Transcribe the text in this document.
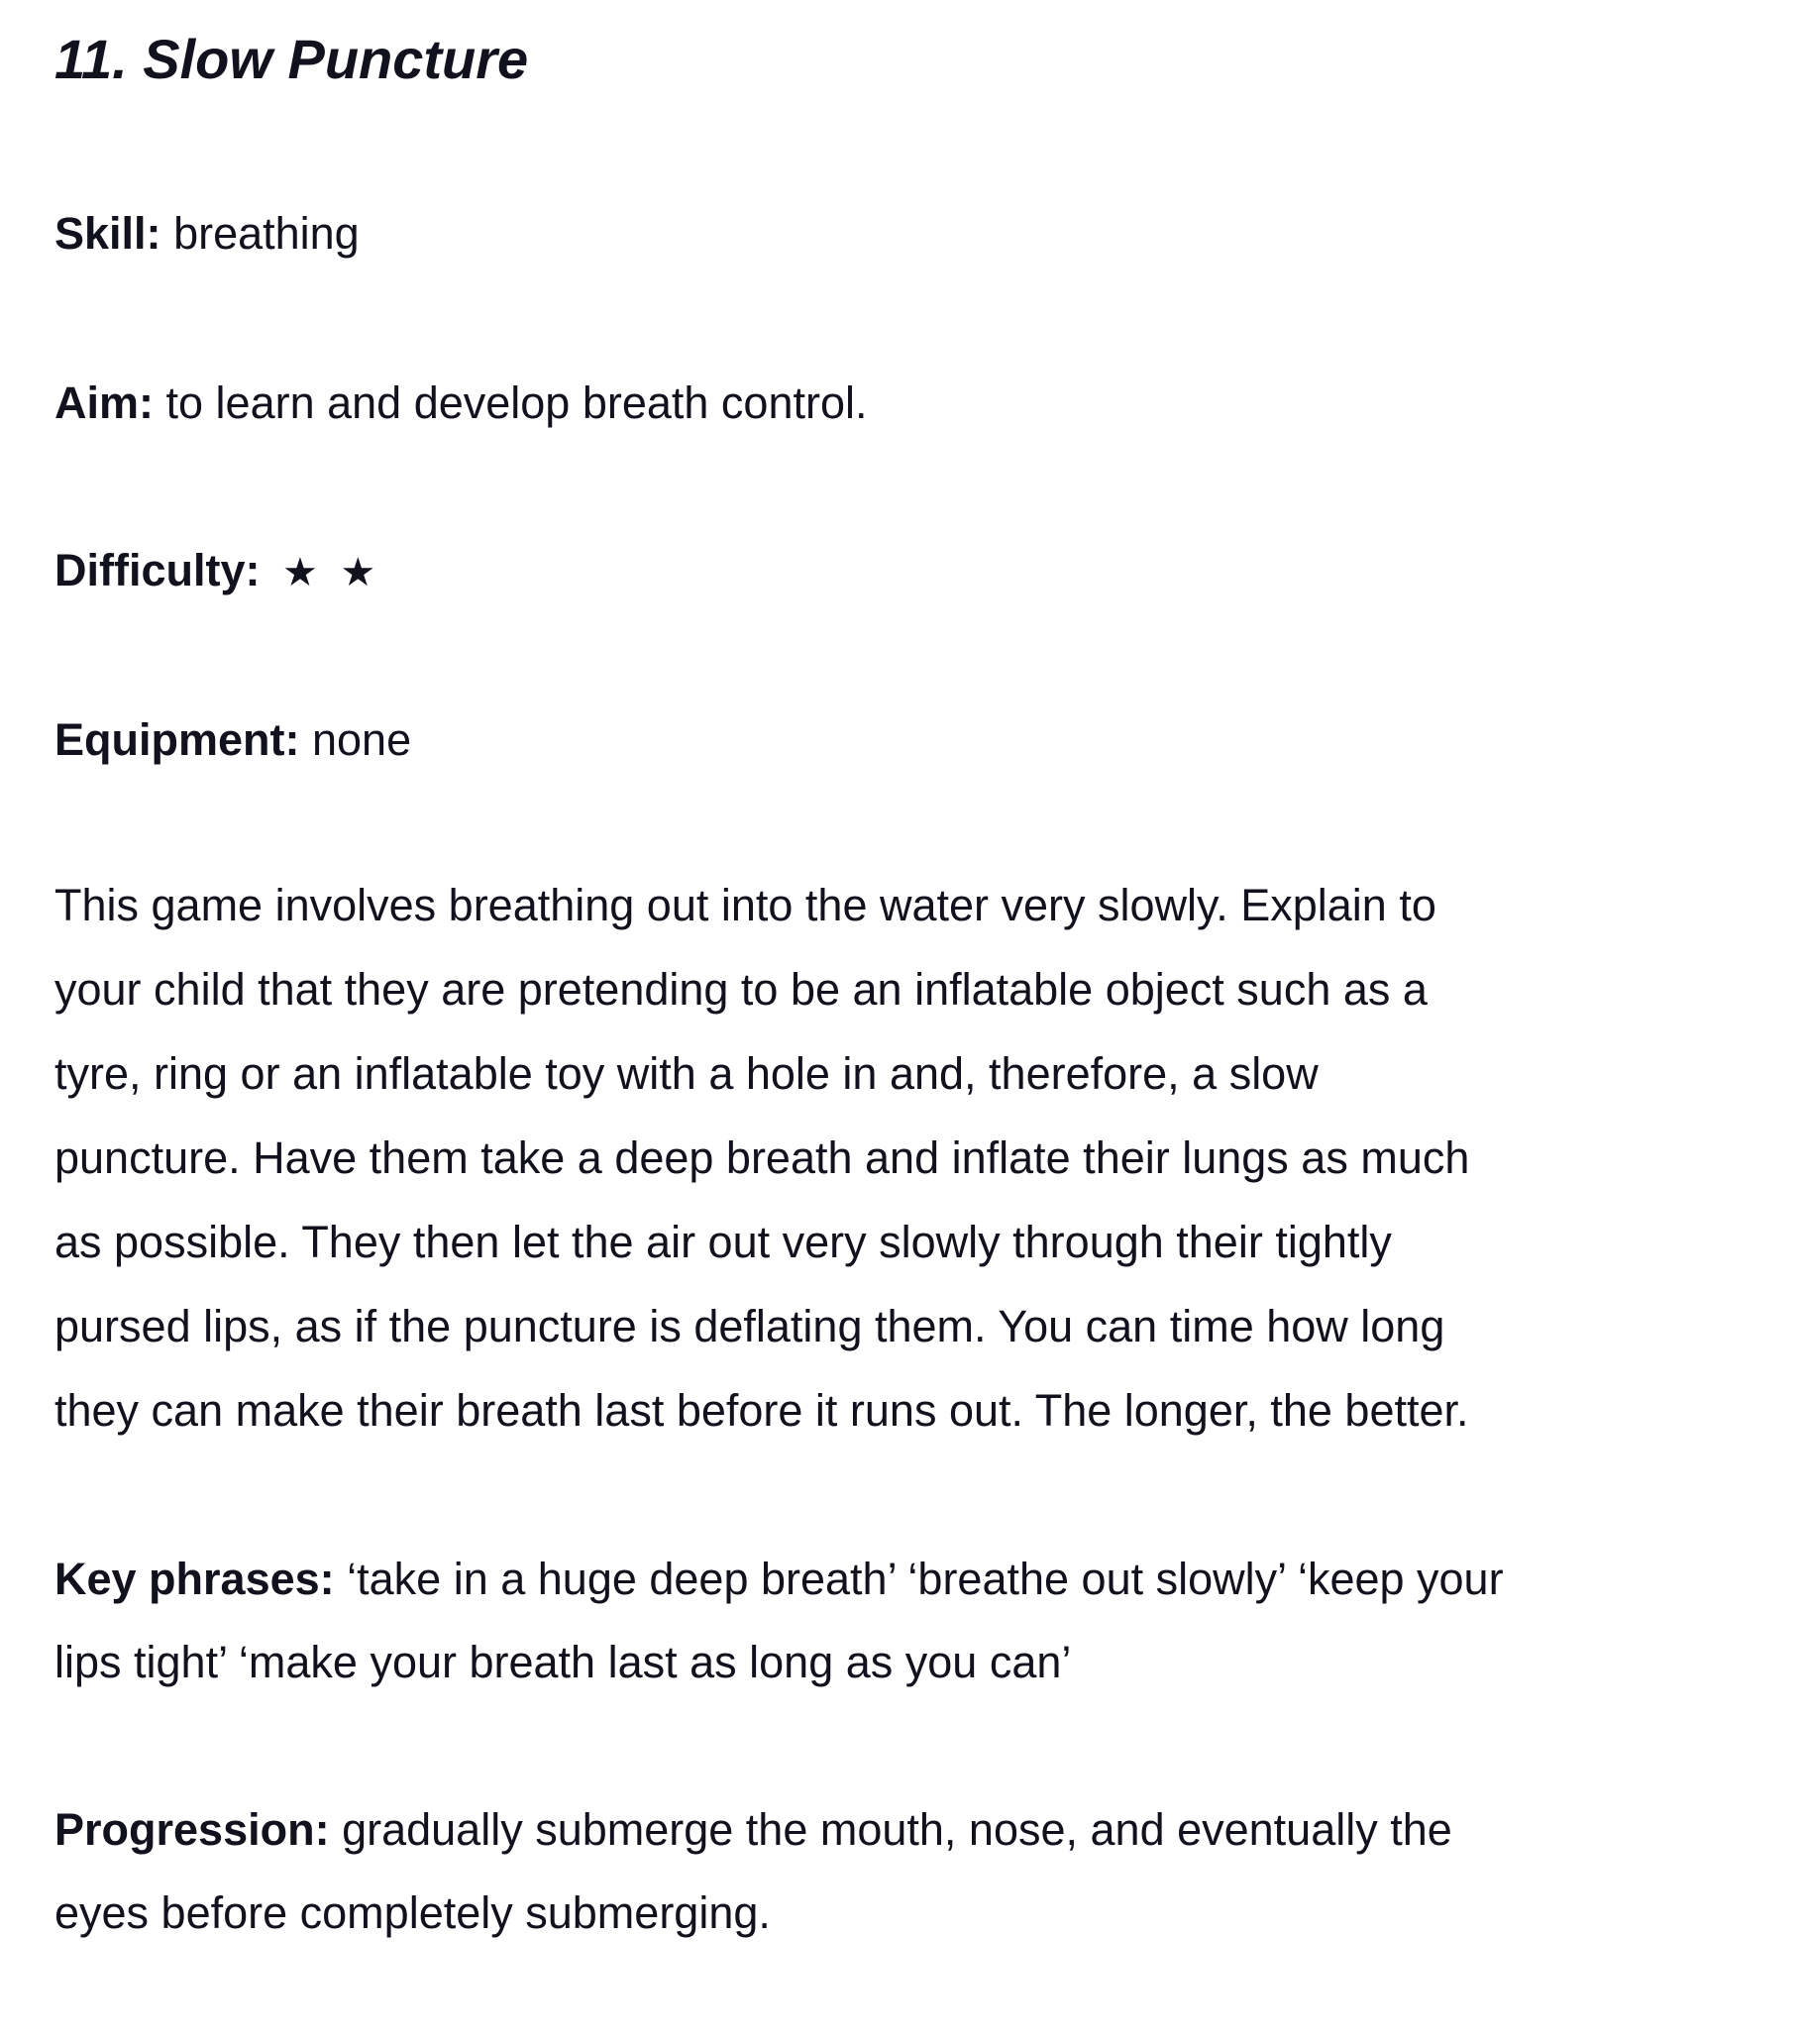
11. Slow Puncture
Skill: breathing
Aim: to learn and develop breath control.
Difficulty: ★ ★
Equipment: none
This game involves breathing out into the water very slowly. Explain to
your child that they are pretending to be an inflatable object such as a
tyre, ring or an inflatable toy with a hole in and, therefore, a slow
puncture. Have them take a deep breath and inflate their lungs as much
as possible. They then let the air out very slowly through their tightly
pursed lips, as if the puncture is deflating them. You can time how long
they can make their breath last before it runs out. The longer, the better.
Key phrases: ‘take in a huge deep breath’ ‘breathe out slowly’ ‘keep your
lips tight’ ‘make your breath last as long as you can’
Progression: gradually submerge the mouth, nose, and eventually the
eyes before completely submerging.
